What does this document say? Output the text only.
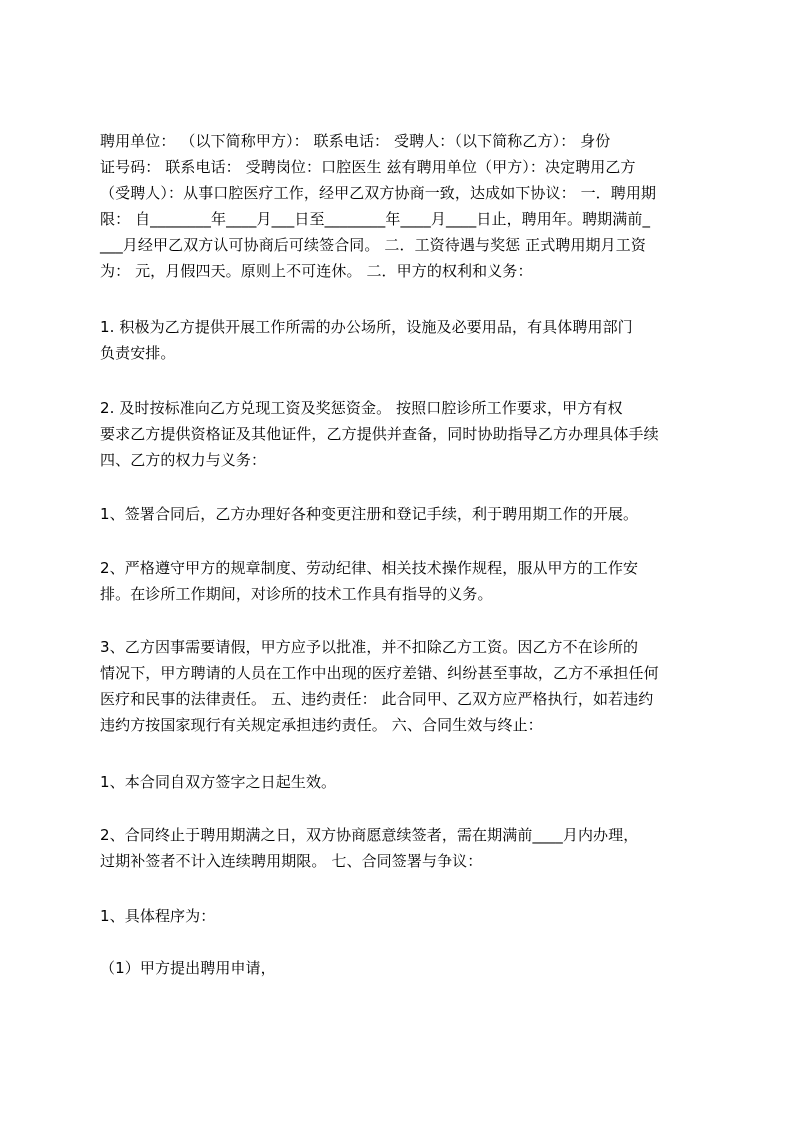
聘用单位： （以下简称甲方）： 联系电话： 受聘人：（以下简称乙方）： 身份
证号码： 联系电话： 受聘岗位：口腔医生 兹有聘用单位（甲方）：决定聘用乙方
（受聘人）：从事口腔医疗工作，经甲乙双方协商一致，达成如下协议： 一．聘用期
限： 自________年____月___日至________年____月____日止，聘用年。聘期满前_
___月经甲乙双方认可协商后可续签合同。 二．工资待遇与奖惩 正式聘用期月工资
为： 元，月假四天。原则上不可连休。 二．甲方的权利和义务：

1. 积极为乙方提供开展工作所需的办公场所，设施及必要用品，有具体聘用部门
负责安排。

2. 及时按标准向乙方兑现工资及奖惩资金。 按照口腔诊所工作要求，甲方有权
要求乙方提供资格证及其他证件，乙方提供并查备，同时协助指导乙方办理具体手续
四、乙方的权力与义务：

1、签署合同后，乙方办理好各种变更注册和登记手续，利于聘用期工作的开展。

2、严格遵守甲方的规章制度、劳动纪律、相关技术操作规程，服从甲方的工作安
排。在诊所工作期间，对诊所的技术工作具有指导的义务。

3、乙方因事需要请假，甲方应予以批准，并不扣除乙方工资。因乙方不在诊所的
情况下，甲方聘请的人员在工作中出现的医疗差错、纠纷甚至事故，乙方不承担任何
医疗和民事的法律责任。 五、违约责任： 此合同甲、乙双方应严格执行，如若违约
违约方按国家现行有关规定承担违约责任。 六、合同生效与终止：

1、本合同自双方签字之日起生效。

2、合同终止于聘用期满之日，双方协商愿意续签者，需在期满前____月内办理，
过期补签者不计入连续聘用期限。 七、合同签署与争议：

1、具体程序为：

（1）甲方提出聘用申请，
